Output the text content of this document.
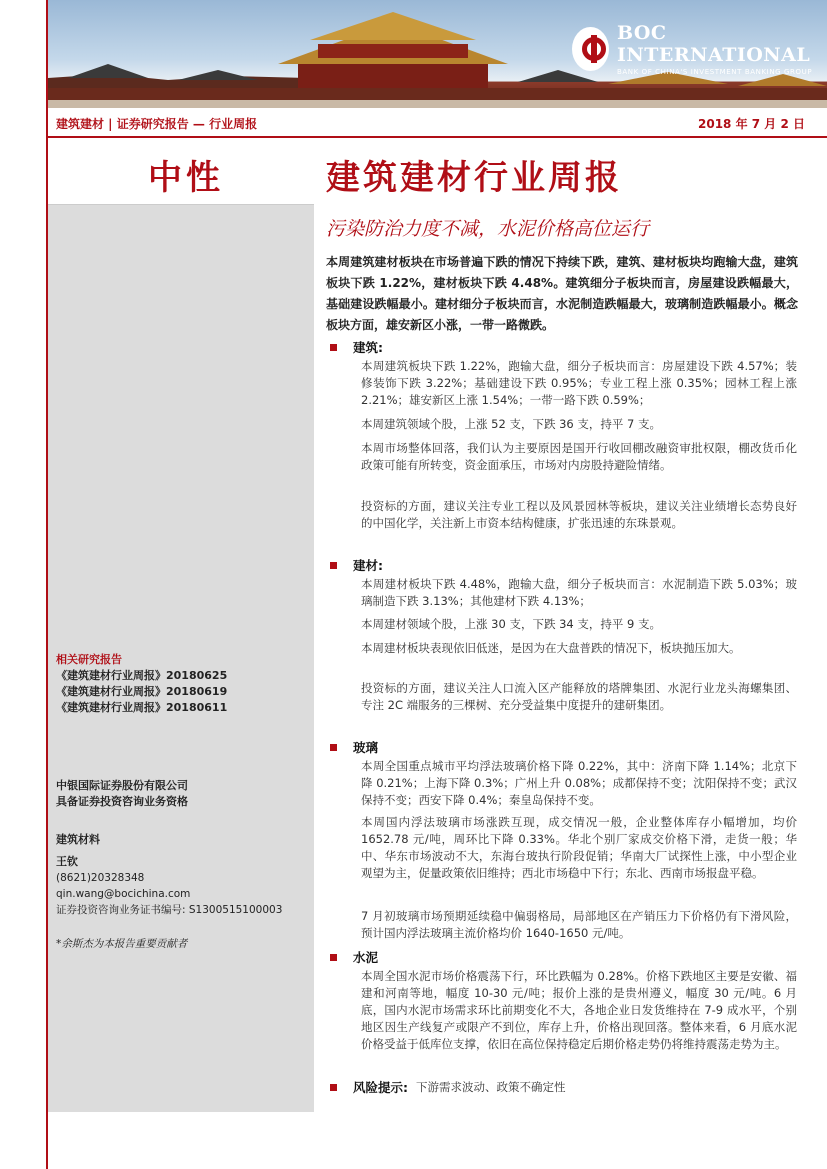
BOC INTERNATIONAL
BANK OF CHINA'S INVESTMENT BANKING GROUP
建筑建材 | 证券研究报告 — 行业周报	2018 年 7 月 2 日
中性
相关研究报告
《建筑建材行业周报》20180625
《建筑建材行业周报》20180619
《建筑建材行业周报》20180611
中银国际证券股份有限公司
具备证券投资咨询业务资格
建筑材料
王钦
(8621)20328348
qin.wang@bocichina.com
证券投资咨询业务证书编号: S1300515100003
*余斯杰为本报告重要贡献者
建筑建材行业周报
污染防治力度不减，水泥价格高位运行
本周建筑建材板块在市场普遍下跌的情况下持续下跌，建筑、建材板块均跑输大盘，建筑板块下跌 1.22%，建材板块下跌 4.48%。建筑细分子板块而言，房屋建设跌幅最大，基础建设跌幅最小。建材细分子板块而言，水泥制造跌幅最大，玻璃制造跌幅最小。概念板块方面，雄安新区小涨，一带一路微跌。
建筑:
本周建筑板块下跌 1.22%，跑输大盘，细分子板块而言：房屋建设下跌 4.57%；装修装饰下跌 3.22%；基础建设下跌 0.95%；专业工程上涨 0.35%；园林工程上涨 2.21%；雄安新区上涨 1.54%；一带一路下跌 0.59%；
本周建筑领域个股，上涨 52 支，下跌 36 支，持平 7 支。
本周市场整体回落，我们认为主要原因是国开行收回棚改融资审批权限，棚改货币化政策可能有所转变，资金面承压，市场对内房股持避险情绪。
投资标的方面，建议关注专业工程以及风景园林等板块，建议关注业绩增长态势良好的中国化学，关注新上市资本结构健康，扩张迅速的东珠景观。
建材:
本周建材板块下跌 4.48%，跑输大盘，细分子板块而言：水泥制造下跌 5.03%；玻璃制造下跌 3.13%；其他建材下跌 4.13%；
本周建材领域个股，上涨 30 支，下跌 34 支，持平 9 支。
本周建材板块表现依旧低迷，是因为在大盘普跌的情况下，板块抛压加大。
投资标的方面，建议关注人口流入区产能释放的塔牌集团、水泥行业龙头海螺集团、专注 2C 端服务的三棵树、充分受益集中度提升的建研集团。
玻璃
本周全国重点城市平均浮法玻璃价格下降 0.22%，其中：济南下降 1.14%；北京下降 0.21%；上海下降 0.3%；广州上升 0.08%；成都保持不变；沈阳保持不变；武汉保持不变；西安下降 0.4%；秦皇岛保持不变。
本周国内浮法玻璃市场涨跌互现，成交情况一般，企业整体库存小幅增加，均价 1652.78 元/吨，周环比下降 0.33%。华北个别厂家成交价格下滑，走货一般；华中、华东市场波动不大，东海台玻执行阶段促销；华南大厂试探性上涨，中小型企业观望为主，促量政策依旧维持；西北市场稳中下行；东北、西南市场报盘平稳。
7 月初玻璃市场预期延续稳中偏弱格局，局部地区在产销压力下价格仍有下滑风险，预计国内浮法玻璃主流价格均价 1640-1650 元/吨。
水泥
本周全国水泥市场价格震荡下行，环比跌幅为 0.28%。价格下跌地区主要是安徽、福建和河南等地，幅度 10-30 元/吨；报价上涨的是贵州遵义，幅度 30 元/吨。6 月底，国内水泥市场需求环比前期变化不大，各地企业日发货维持在 7-9 成水平，个别地区因生产线复产或限产不到位，库存上升，价格出现回落。整体来看，6 月底水泥价格受益于低库位支撑，依旧在高位保持稳定后期价格走势仍将维持震荡走势为主。
风险提示: 下游需求波动、政策不确定性
